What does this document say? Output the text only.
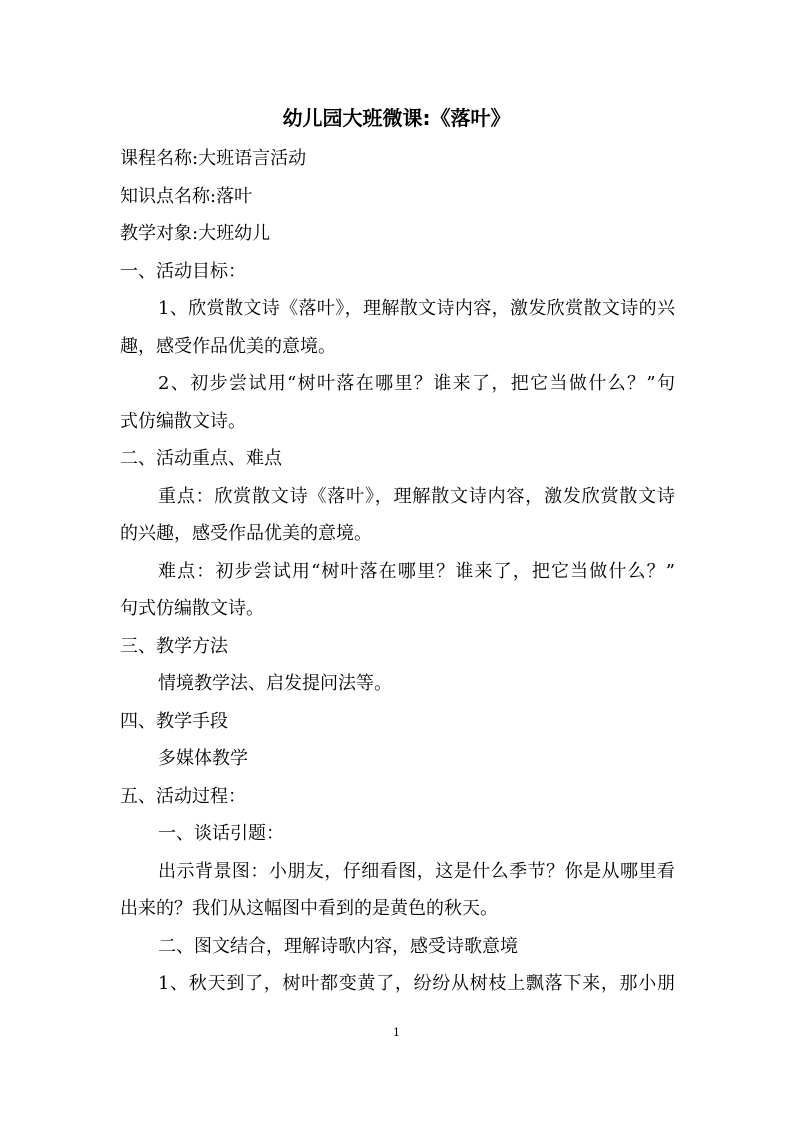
幼儿园大班微课:《落叶》

课程名称:大班语言活动

知识点名称:落叶

教学对象:大班幼儿

一、活动目标：

1、欣赏散文诗《落叶》，理解散文诗内容，激发欣赏散文诗的兴

趣，感受作品优美的意境。

2、初步尝试用“树叶落在哪里？谁来了，把它当做什么？”句

式仿编散文诗。

二、活动重点、难点

重点：欣赏散文诗《落叶》，理解散文诗内容，激发欣赏散文诗

的兴趣，感受作品优美的意境。

难点：初步尝试用“树叶落在哪里？谁来了，把它当做什么？”

句式仿编散文诗。

三、教学方法

情境教学法、启发提问法等。

四、教学手段

多媒体教学

五、活动过程：

一、谈话引题：

出示背景图：小朋友，仔细看图，这是什么季节？你是从哪里看

出来的？我们从这幅图中看到的是黄色的秋天。

二、图文结合，理解诗歌内容，感受诗歌意境

1、秋天到了，树叶都变黄了，纷纷从树枝上飘落下来，那小朋

1
